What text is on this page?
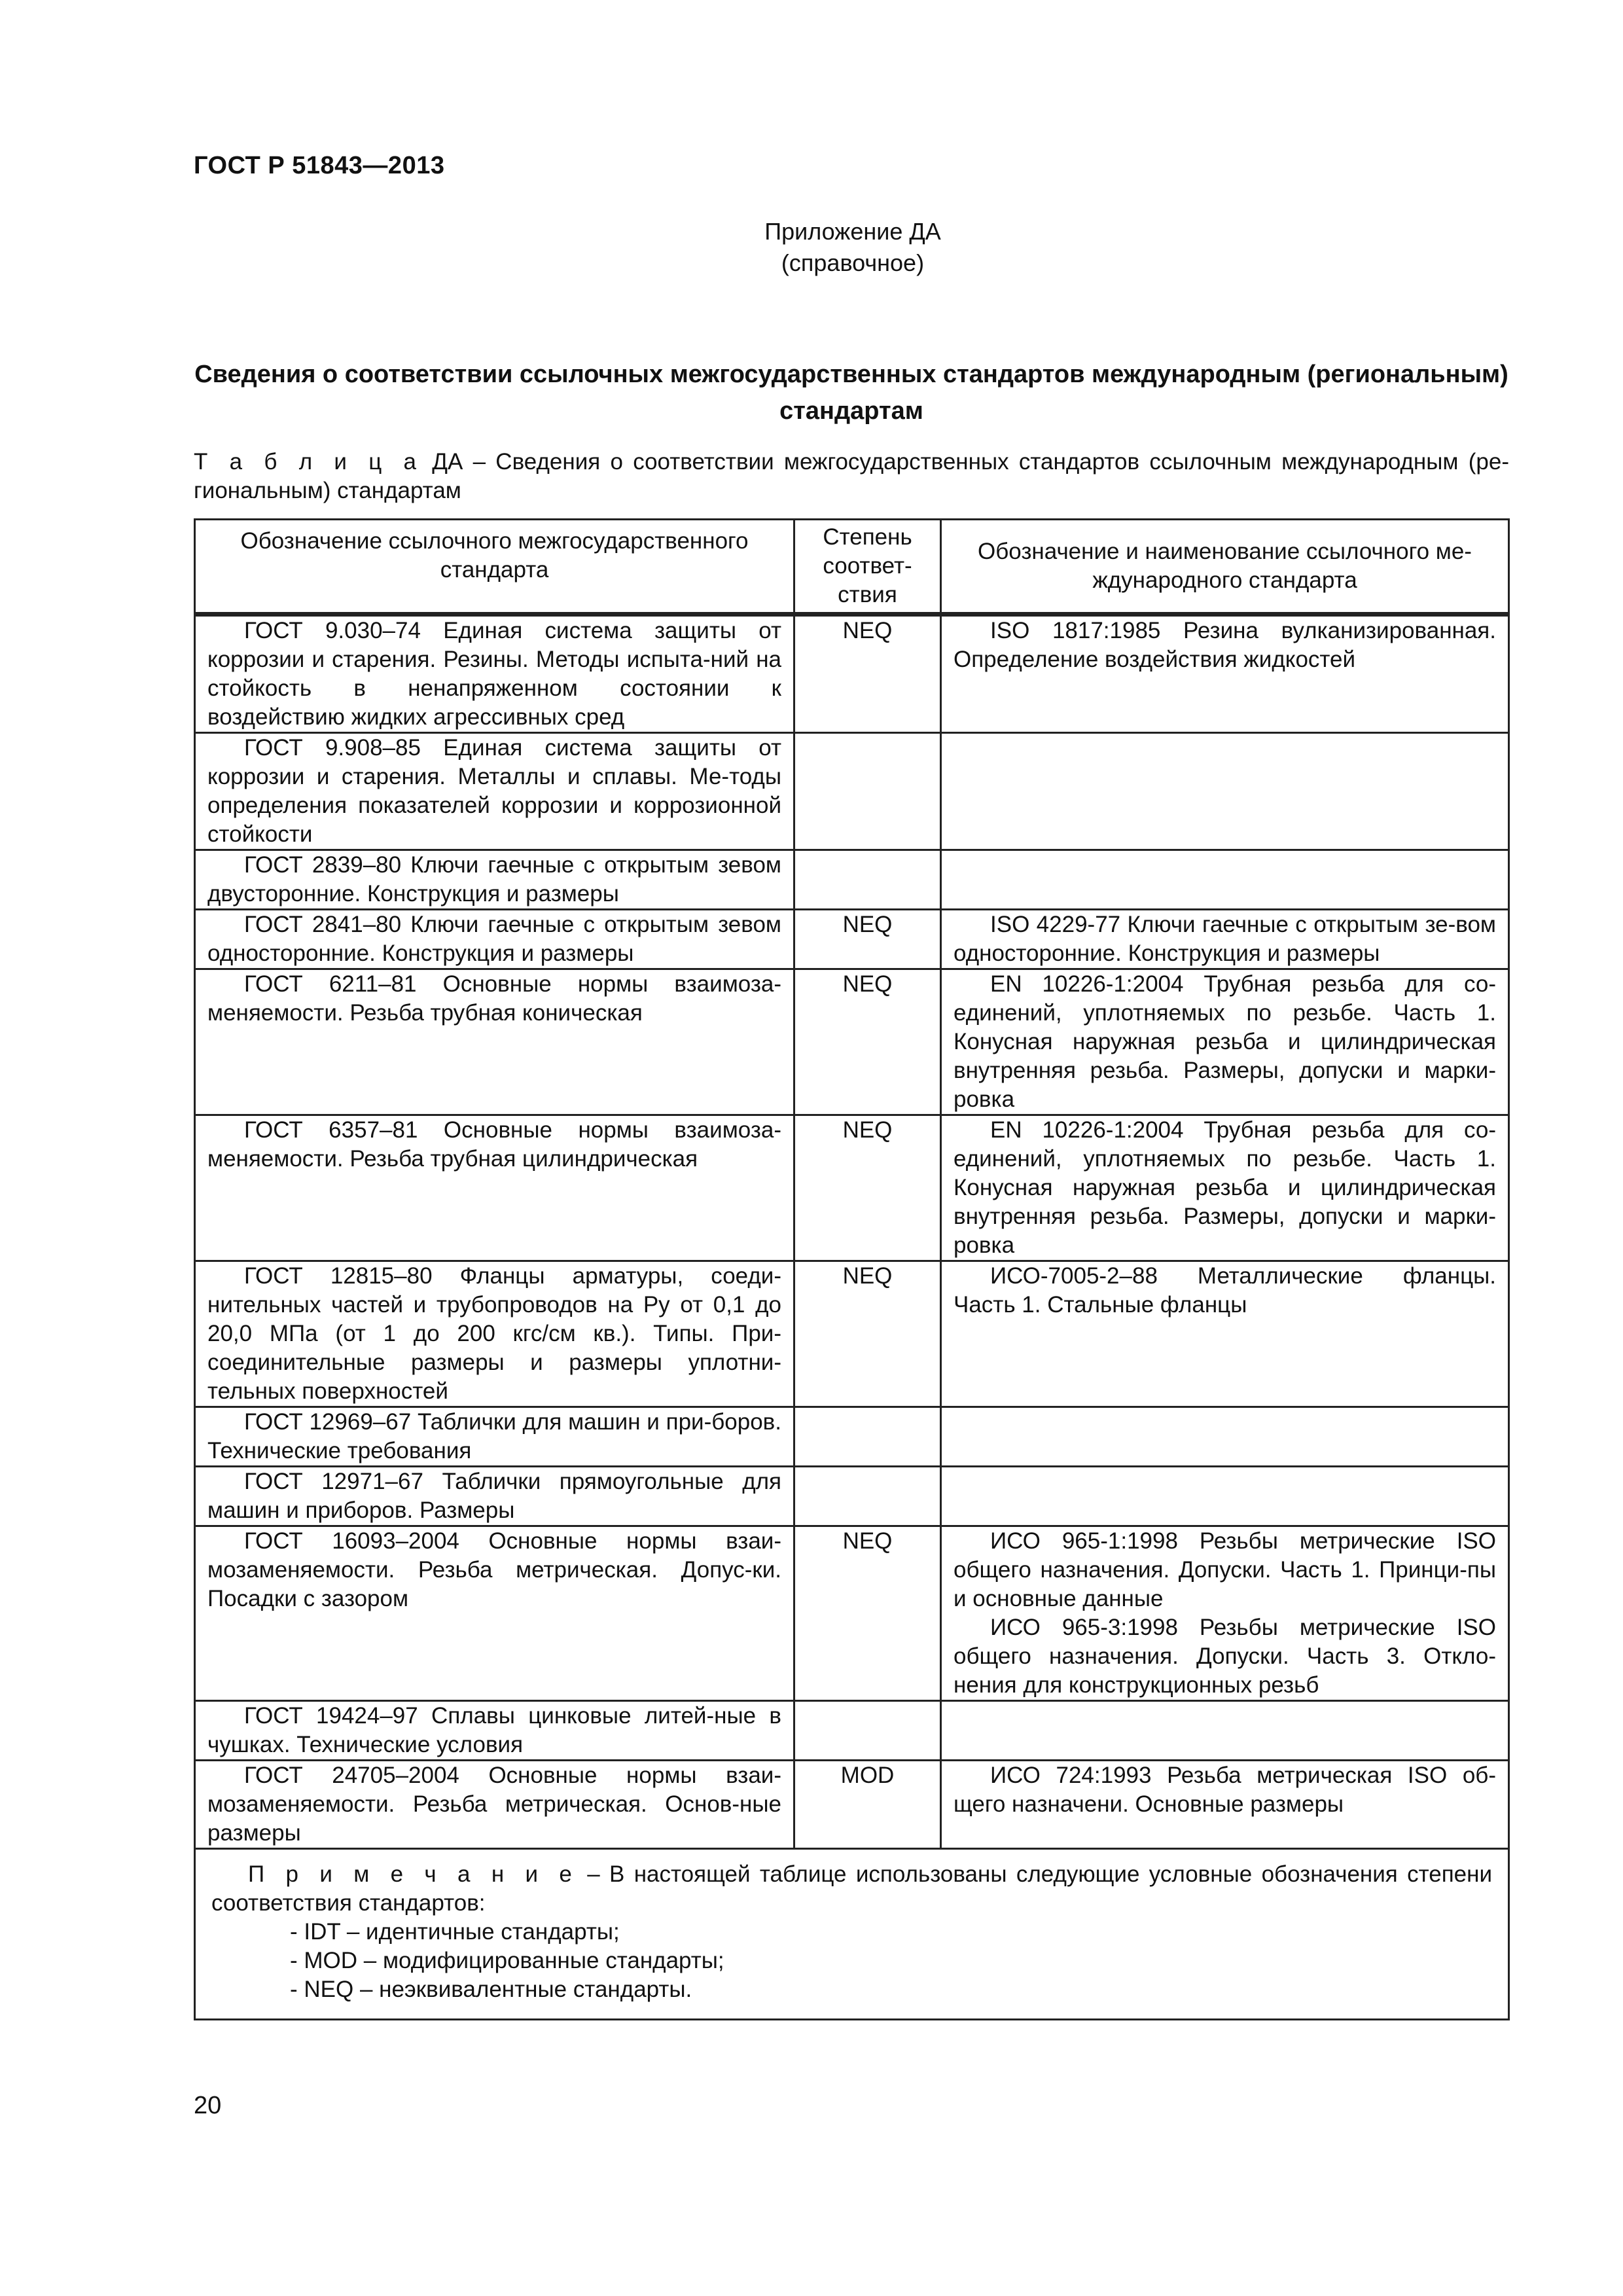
ГОСТ Р 51843—2013
Приложение ДА
(справочное)
Сведения о соответствии ссылочных межгосударственных стандартов международным (региональным) стандартам
Т а б л и ц а ДА – Сведения о соответствии межгосударственных стандартов ссылочным международным (ре-гиональным) стандартам
Обозначение ссылочного межгосударственного стандарта	Степень соответ-ствия	Обозначение и наименование ссылочного ме-ждународного стандарта

ГОСТ 9.030–74 Единая система защиты от коррозии и старения. Резины. Методы испыта-ний на стойкость в ненапряженном состоянии к воздействию жидких агрессивных сред	NEQ	ISO 1817:1985 Резина вулканизированная. Определение воздействия жидкостей

ГОСТ 9.908–85 Единая система защиты от коррозии и старения. Металлы и сплавы. Ме-тоды определения показателей коррозии и коррозионной стойкости		

ГОСТ 2839–80 Ключи гаечные с открытым зевом двусторонние. Конструкция и размеры		

ГОСТ 2841–80 Ключи гаечные с открытым зевом односторонние. Конструкция и размеры	NEQ	ISO 4229-77 Ключи гаечные с открытым зе-вом односторонние. Конструкция и размеры

ГОСТ 6211–81 Основные нормы взаимоза-меняемости. Резьба трубная коническая	NEQ	EN 10226-1:2004 Трубная резьба для со-единений, уплотняемых по резьбе. Часть 1. Конусная наружная резьба и цилиндрическая внутренняя резьба. Размеры, допуски и марки-ровка

ГОСТ 6357–81 Основные нормы взаимоза-меняемости. Резьба трубная цилиндрическая	NEQ	EN 10226-1:2004 Трубная резьба для со-единений, уплотняемых по резьбе. Часть 1. Конусная наружная резьба и цилиндрическая внутренняя резьба. Размеры, допуски и марки-ровка

ГОСТ 12815–80 Фланцы арматуры, соеди-нительных частей и трубопроводов на Ру от 0,1 до 20,0 МПа (от 1 до 200 кгс/см кв.). Типы. При-соединительные размеры и размеры уплотни-тельных поверхностей	NEQ	ИСО-7005-2–88 Металлические фланцы. Часть 1. Стальные фланцы

ГОСТ 12969–67 Таблички для машин и при-боров. Технические требования		

ГОСТ 12971–67 Таблички прямоугольные для машин и приборов. Размеры		

ГОСТ 16093–2004 Основные нормы взаи-мозаменяемости. Резьба метрическая. Допус-ки. Посадки с зазором	NEQ	ИСО 965-1:1998 Резьбы метрические ISO общего назначения. Допуски. Часть 1. Принци-пы и основные данные
ИСО 965-3:1998 Резьбы метрические ISO общего назначения. Допуски. Часть 3. Откло-нения для конструкционных резьб

ГОСТ 19424–97 Сплавы цинковые литей-ные в чушках. Технические условия		

ГОСТ 24705–2004 Основные нормы взаи-мозаменяемости. Резьба метрическая. Основ-ные размеры	MOD	ИСО 724:1993 Резьба метрическая ISO об-щего назначени. Основные размеры

П р и м е ч а н и е – В настоящей таблице использованы следующие условные обозначения степени соответствия стандартов:
- IDT – идентичные стандарты;
- MOD – модифицированные стандарты;
- NEQ – неэквивалентные стандарты.		
20
